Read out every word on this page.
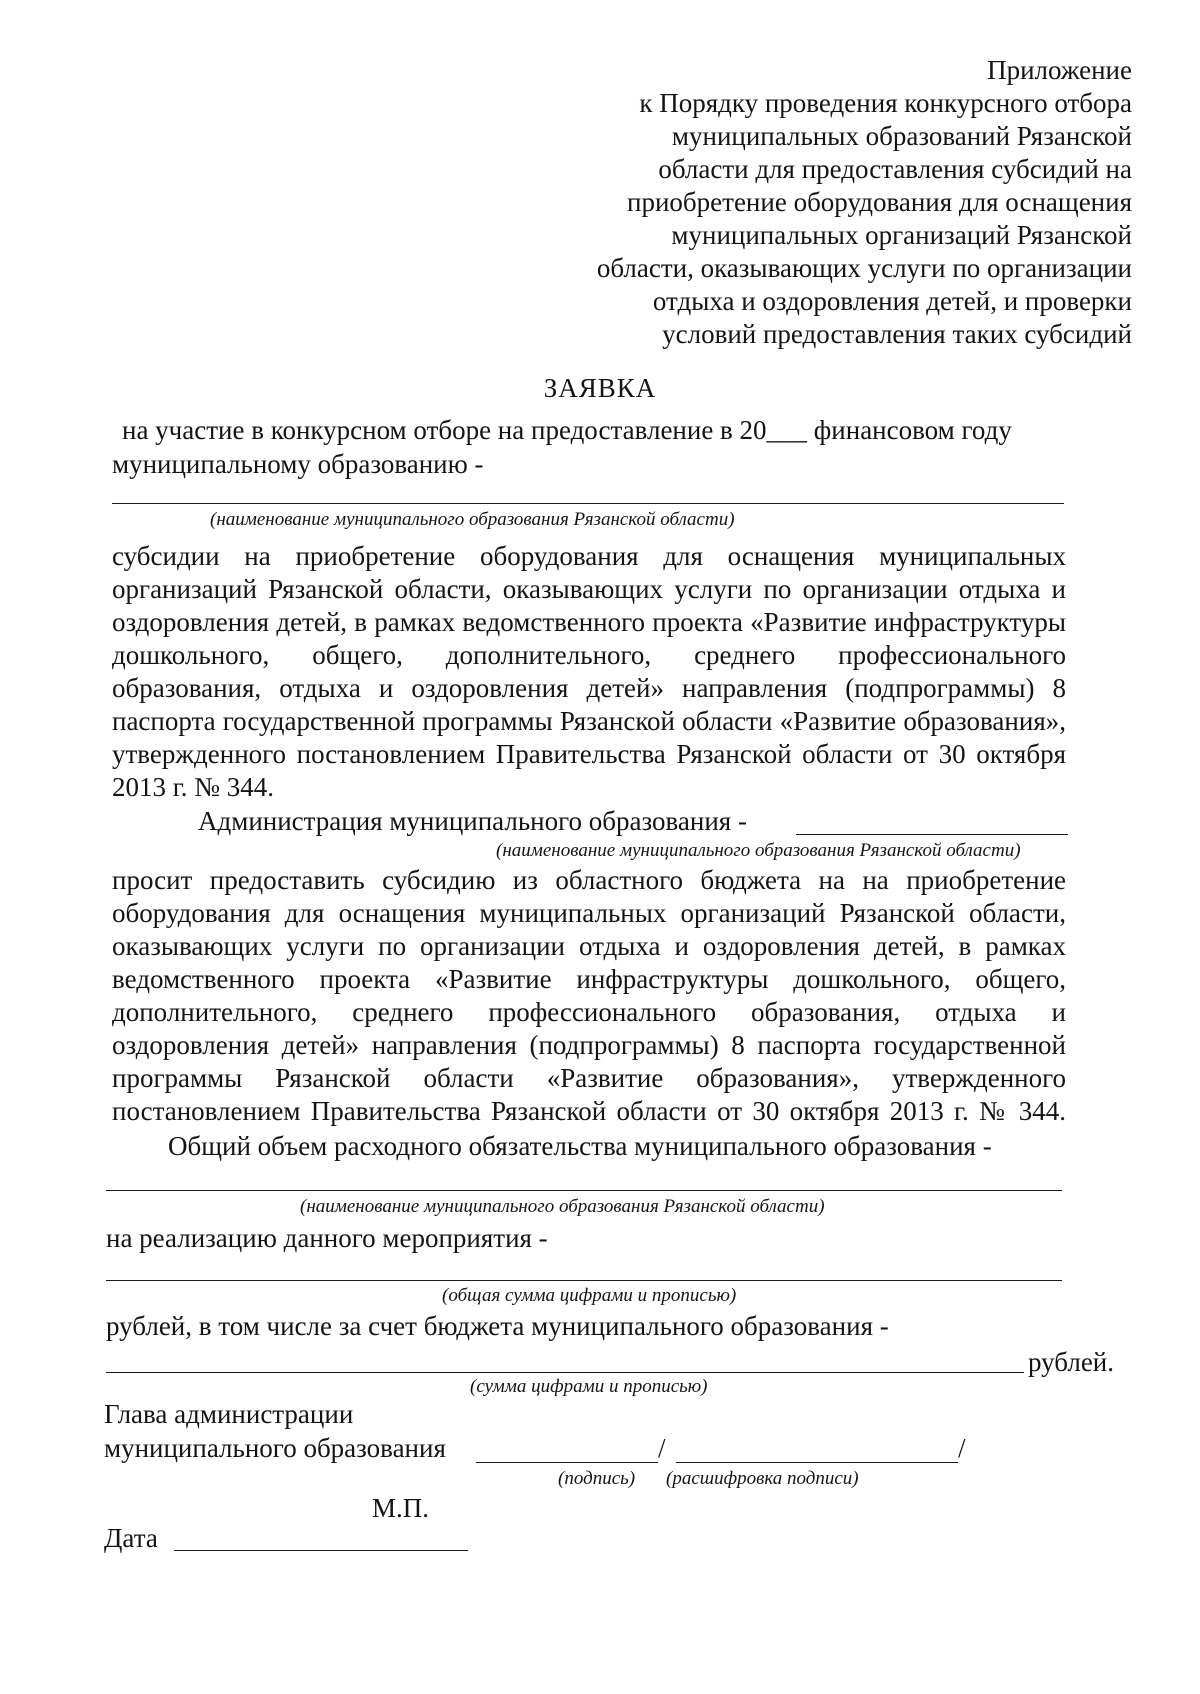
Приложение
к Порядку проведения конкурсного отбора
муниципальных образований Рязанской
области для предоставления субсидий на
приобретение оборудования для оснащения
муниципальных организаций Рязанской
области, оказывающих услуги по организации
отдыха и оздоровления детей, и проверки
условий предоставления таких субсидий
ЗАЯВКА
на участие в конкурсном отборе на предоставление в 20___ финансовом году
муниципальному образованию -
(наименование муниципального образования Рязанской области)
субсидии на приобретение оборудования для оснащения муниципальных
организаций Рязанской области, оказывающих услуги по организации отдыха и
оздоровления детей, в рамках ведомственного проекта «Развитие инфраструктуры
дошкольного, общего, дополнительного, среднего профессионального
образования, отдыха и оздоровления детей» направления (подпрограммы) 8
паспорта государственной программы Рязанской области «Развитие образования»,
утвержденного постановлением Правительства Рязанской области от 30 октября
2013 г. № 344.
Администрация муниципального образования -
(наименование муниципального образования Рязанской области)
просит предоставить субсидию из областного бюджета на на приобретение
оборудования для оснащения муниципальных организаций Рязанской области,
оказывающих услуги по организации отдыха и оздоровления детей, в рамках
ведомственного проекта «Развитие инфраструктуры дошкольного, общего,
дополнительного, среднего профессионального образования, отдыха и
оздоровления детей» направления (подпрограммы) 8 паспорта государственной
программы Рязанской области «Развитие образования», утвержденного
постановлением Правительства Рязанской области от 30 октября 2013 г. № 344.
Общий объем расходного обязательства муниципального образования -
(наименование муниципального образования Рязанской области)
на реализацию данного мероприятия -
(общая сумма цифрами и прописью)
рублей, в том числе за счет бюджета муниципального образования -
рублей.
(сумма цифрами и прописью)
Глава администрации
муниципального образования	/	/
(подпись) (расшифровка подписи)
М.П.
Дата
